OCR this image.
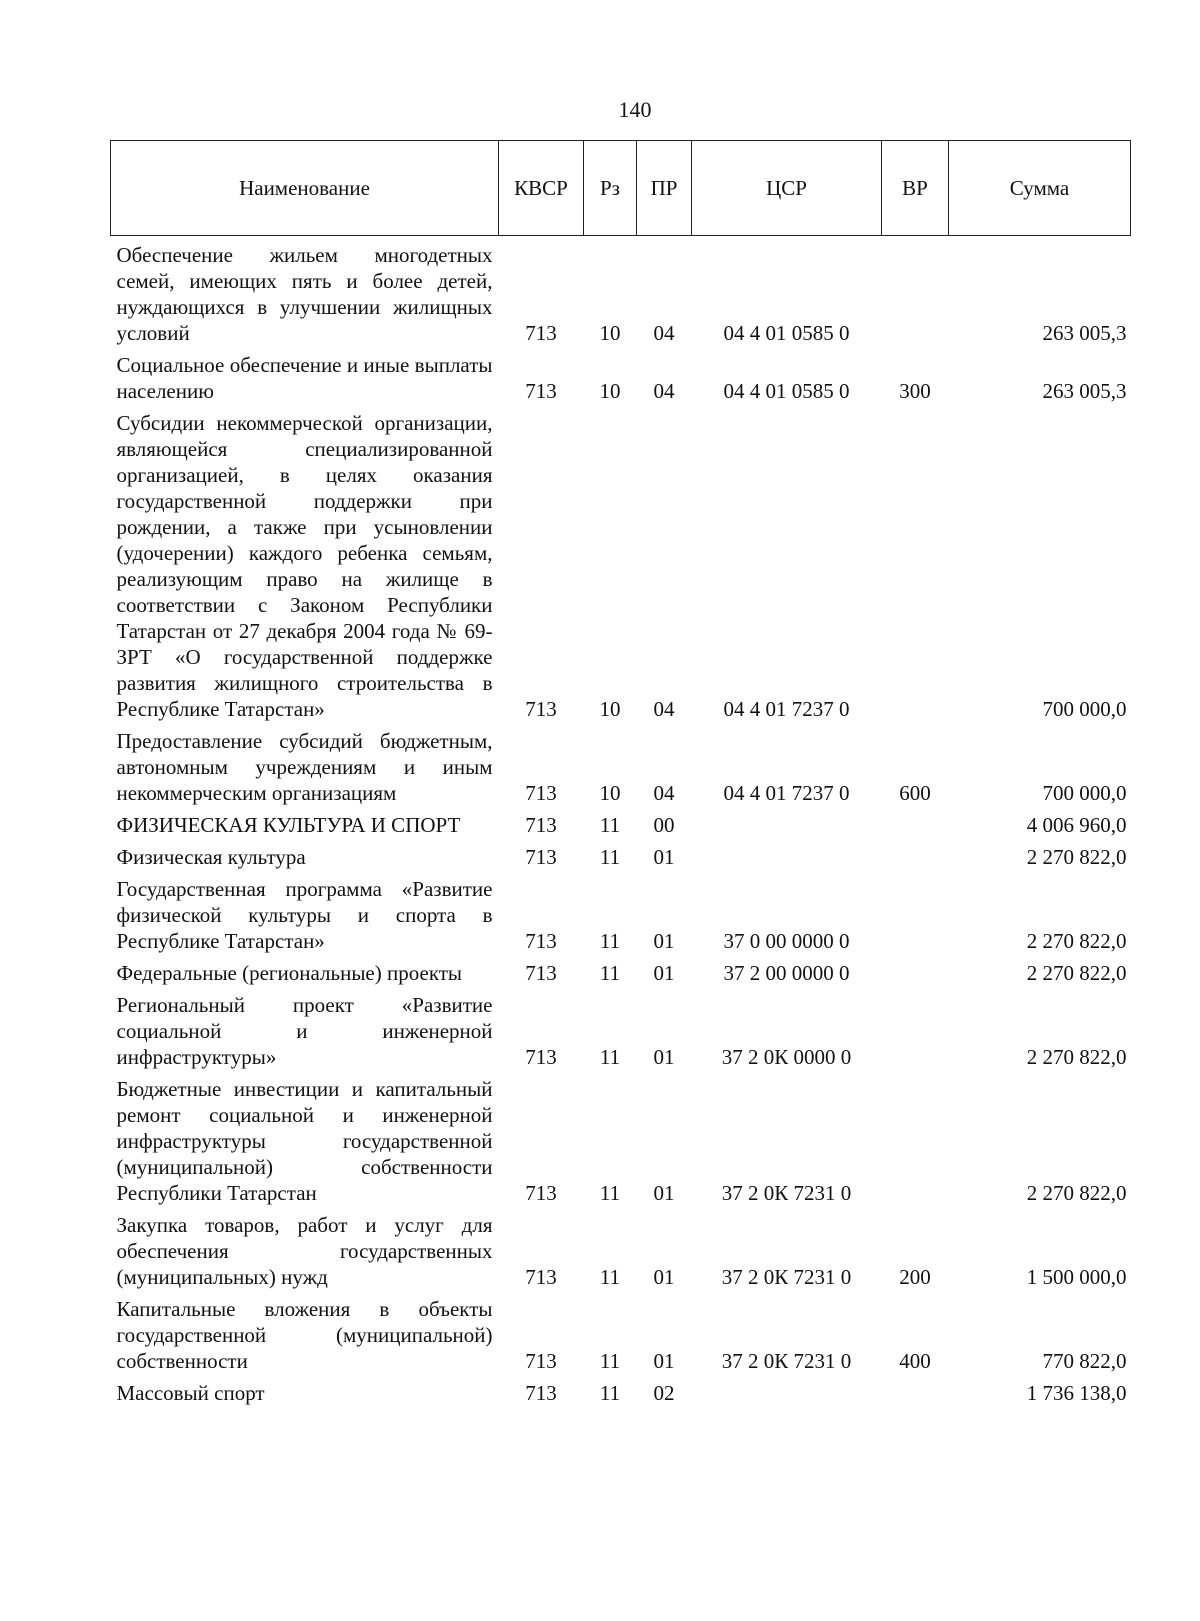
140
Наименование	КВСР	Рз	ПР	ЦСР	ВР	Сумма
Обеспечение жильем многодетных семей, имеющих пять и более детей, нуждающихся в улучшении жилищных условий	713	10	04	04 4 01 0585 0		263 005,3
Социальное обеспечение и иные выплаты населению	713	10	04	04 4 01 0585 0	300	263 005,3
Субсидии некоммерческой организации, являющейся специализированной организацией, в целях оказания государственной поддержки при рождении, а также при усыновлении (удочерении) каждого ребенка семьям, реализующим право на жилище в соответствии с Законом Республики Татарстан от 27 декабря 2004 года № 69-ЗРТ «О государственной поддержке развития жилищного строительства в Республике Татарстан»	713	10	04	04 4 01 7237 0		700 000,0
Предоставление субсидий бюджетным, автономным учреждениям и иным некоммерческим организациям	713	10	04	04 4 01 7237 0	600	700 000,0
ФИЗИЧЕСКАЯ КУЛЬТУРА И СПОРТ	713	11	00			4 006 960,0
Физическая культура	713	11	01			2 270 822,0
Государственная программа «Развитие физической культуры и спорта в Республике Татарстан»	713	11	01	37 0 00 0000 0		2 270 822,0
Федеральные (региональные) проекты	713	11	01	37 2 00 0000 0		2 270 822,0
Региональный проект «Развитие социальной и инженерной инфраструктуры»	713	11	01	37 2 0К 0000 0		2 270 822,0
Бюджетные инвестиции и капитальный ремонт социальной и инженерной инфраструктуры государственной (муниципальной) собственности Республики Татарстан	713	11	01	37 2 0К 7231 0		2 270 822,0
Закупка товаров, работ и услуг для обеспечения государственных (муниципальных) нужд	713	11	01	37 2 0К 7231 0	200	1 500 000,0
Капитальные вложения в объекты государственной (муниципальной) собственности	713	11	01	37 2 0К 7231 0	400	770 822,0
Массовый спорт	713	11	02			1 736 138,0
